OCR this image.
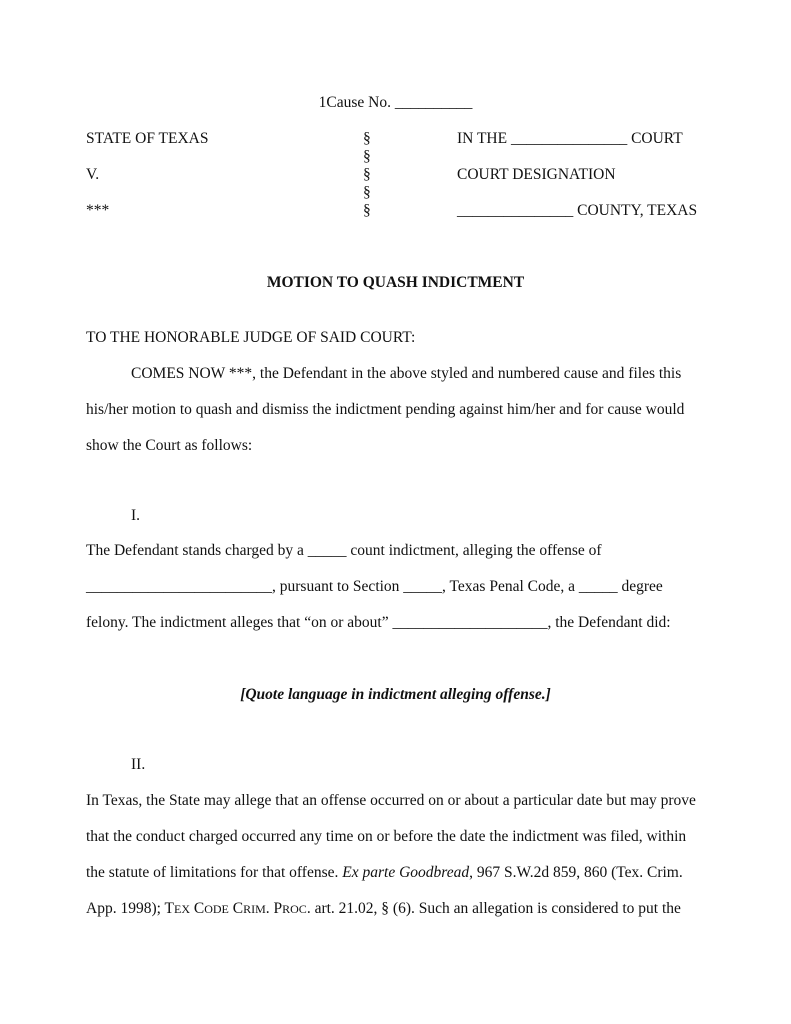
1Cause No. __________
STATE OF TEXAS
V.
***
§
§
§
§
§
IN THE _______________ COURT
COURT DESIGNATION
_______________ COUNTY, TEXAS
MOTION TO QUASH INDICTMENT
TO THE HONORABLE JUDGE OF SAID COURT:
COMES NOW ***, the Defendant in the above styled and numbered cause and files this
his/her motion to quash and dismiss the indictment pending against him/her and for cause would
show the Court as follows:
I.
The Defendant stands charged by a _____ count indictment, alleging the offense of
________________________, pursuant to Section _____, Texas Penal Code, a _____ degree
felony. The indictment alleges that “on or about” ____________________, the Defendant did:
[Quote language in indictment alleging offense.]
II.
In Texas, the State may allege that an offense occurred on or about a particular date but may prove
that the conduct charged occurred any time on or before the date the indictment was filed, within
the statute of limitations for that offense. Ex parte Goodbread, 967 S.W.2d 859, 860 (Tex. Crim.
App. 1998); TEX CODE CRIM. PROC. art. 21.02, § (6). Such an allegation is considered to put the
